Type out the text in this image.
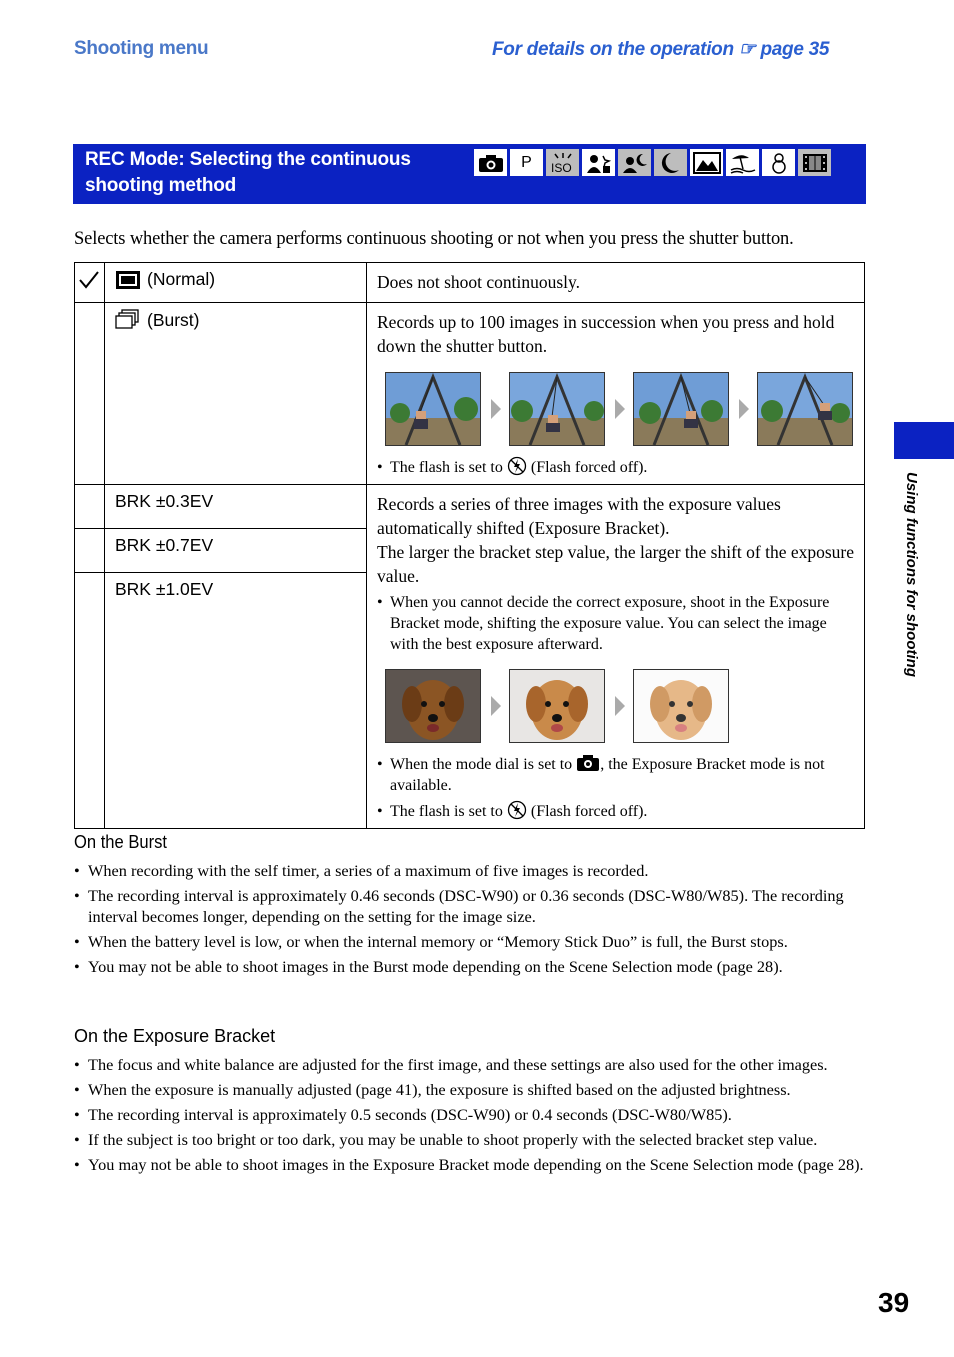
Shooting menu	For details on the operation ☞ page 35
REC Mode: Selecting the continuous shooting method
P ISO
Selects whether the camera performs continuous shooting or not when you press the shutter button.

(Normal)	Does not shoot continuously.

	(Burst)	Records up to 100 images in succession when you press and hold down the shutter button.
• The flash is set to (Flash forced off).

	BRK ±0.3EV	Records a series of three images with the exposure values automatically shifted (Exposure Bracket).
The larger the bracket step value, the larger the shift of the exposure value.
• When you cannot decide the correct exposure, shoot in the Exposure Bracket mode, shifting the exposure value. You can select the image with the best exposure afterward.
• When the mode dial is set to , the Exposure Bracket mode is not available.
• The flash is set to (Flash forced off).

	BRK ±0.7EV	
	BRK ±1.0EV	
On the Burst
• When recording with the self timer, a series of a maximum of five images is recorded.
• The recording interval is approximately 0.46 seconds (DSC-W90) or 0.36 seconds (DSC-W80/W85). The recording interval becomes longer, depending on the setting for the image size.
• When the battery level is low, or when the internal memory or “Memory Stick Duo” is full, the Burst stops.
• You may not be able to shoot images in the Burst mode depending on the Scene Selection mode (page 28).
On the Exposure Bracket
• The focus and white balance are adjusted for the first image, and these settings are also used for the other images.
• When the exposure is manually adjusted (page 41), the exposure is shifted based on the adjusted brightness.
• The recording interval is approximately 0.5 seconds (DSC-W90) or 0.4 seconds (DSC-W80/W85).
• If the subject is too bright or too dark, you may be unable to shoot properly with the selected bracket step value.
• You may not be able to shoot images in the Exposure Bracket mode depending on the Scene Selection mode (page 28).
Using functions for shooting
39
